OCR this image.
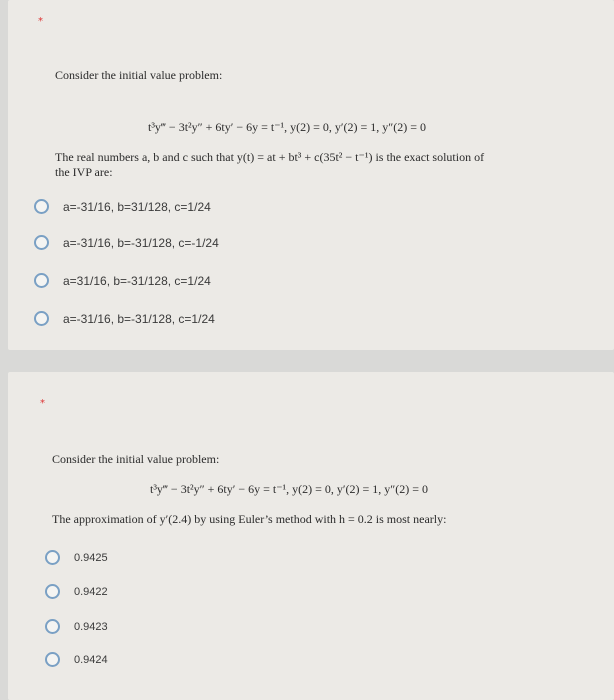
*
Consider the initial value problem:
t³y‴ − 3t²y″ + 6ty′ − 6y = t⁻¹, y(2) = 0, y′(2) = 1, y″(2) = 0
The real numbers a, b and c such that y(t) = at + bt³ + c(35t² − t⁻¹) is the exact solution of
the IVP are:
a=-31/16, b=31/128, c=1/24
a=-31/16, b=-31/128, c=-1/24
a=31/16, b=-31/128, c=1/24
a=-31/16, b=-31/128, c=1/24
*
Consider the initial value problem:
t³y‴ − 3t²y″ + 6ty′ − 6y = t⁻¹, y(2) = 0, y′(2) = 1, y″(2) = 0
The approximation of y′(2.4) by using Euler’s method with h = 0.2 is most nearly:
0.9425
0.9422
0.9423
0.9424
